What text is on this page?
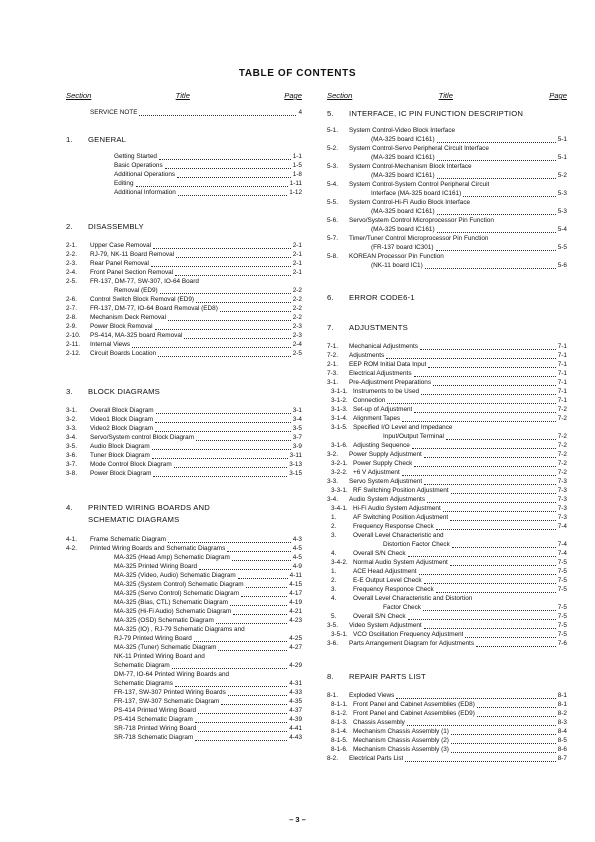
TABLE OF CONTENTS
Section	Title	Page
SERVICE NOTE	4
1.	GENERAL
Getting Started	1-1
Basic Operations	1-5
Additional Operations	1-8
Editing	1-11
Additional Information	1-12
2.	DISASSEMBLY
2-1.	Upper Case Removal	2-1
2-2.	RJ-79, NK-11 Board Removal	2-1
2-3.	Rear Panel Removal	2-1
2-4.	Front Panel Section Removal	2-1
2-5.	FR-137, DM-77, SW-307, IO-64 Board
Removal (ED9)	2-2
2-6.	Control Switch Block Removal (ED9)	2-2
2-7.	FR-137, DM-77, IO-64 Board Removal (ED8)	2-2
2-8.	Mechanism Deck Removal	2-2
2-9.	Power Block Removal	2-3
2-10.	PS-414, MA-325 board Removal	2-3
2-11.	Internal Views	2-4
2-12.	Circuit Boards Location	2-5
3.	BLOCK DIAGRAMS
3-1.	Overall Block Diagram	3-1
3-2.	Video1 Block Diagram	3-4
3-3.	Video2 Block Diagram	3-5
3-4.	Servo/System control Block Diagram	3-7
3-5.	Audio Block Diagram	3-9
3-6.	Tuner Block Diagram	3-11
3-7.	Mode Control Block Diagram	3-13
3-8.	Power Block Diagram	3-15
4.	PRINTED WIRING BOARDS AND
SCHEMATIC DIAGRAMS
4-1.	Frame Schematic Diagram	4-3
4-2.	Printed Wiring Boards and Schematic Diagrams	4-5
MA-325 (Head Amp) Schematic Diagram	4-5
MA-325 Printed Wiring Board	4-9
MA-325 (Video, Audio) Schematic Diagram	4-11
MA-325 (System Control) Schematic Diagram	4-15
MA-325 (Servo Control) Schematic Diagram	4-17
MA-325 (Bias, CTL) Schematic Diagram	4-19
MA-325 (Hi-Fi Audio) Schematic Diagram	4-21
MA-325 (OSD) Schematic Diagram	4-23
MA-325 (IO) , RJ-79 Schematic Diagrams and
RJ-79 Printed Wiring Board	4-25
MA-325 (Tuner) Schematic Diagram	4-27
NK-11 Printed Wiring Board and
Schematic Diagram	4-29
DM-77, IO-64 Printed Wiring Boards and
Schematic Diagrams	4-31
FR-137, SW-307 Printed Wiring Boards	4-33
FR-137, SW-307 Schematic Diagram	4-35
PS-414 Printed Wiring Board	4-37
PS-414 Schematic Diagram	4-39
SR-718 Printed Wiring Board	4-41
SR-718 Schematic Diagram	4-43
Section	Title	Page
5.	INTERFACE, IC PIN FUNCTION DESCRIPTION
5-1.	System Control-Video Block Interface
(MA-325 board IC161)	5-1
5-2.	System Control-Servo Peripheral Circuit Interface
(MA-325 board IC161)	5-1
5-3.	System Control-Mechanism Block Interface
(MA-325 board IC161)	5-2
5-4.	System Control-System Control Peripheral Circuit
Interface (MA-325 board IC161)	5-3
5-5.	System Control-Hi-Fi Audio Block Interface
(MA-325 board IC161)	5-3
5-6.	Servo/System Control Microprocessor Pin Function
(MA-325 board IC161)	5-4
5-7.	Timer/Tuner Control Microprocessor Pin Function
(FR-137 board IC301)	5-5
5-8.	KOREAN Processor Pin Function
(NK-11 board IC1)	5-6
6.	ERROR CODE 6-1
7.	ADJUSTMENTS
7-1.	Mechanical Adjustments	7-1
7-2.	Adjustments	7-1
2-1.	EEP ROM Initial Data Input	7-1
7-3.	Electrical Adjustments	7-1
3-1.	Pre-Adjustment Preparations	7-1
3-1-1. Instruments to be Used	7-1
3-1-2. Connection	7-1
3-1-3. Set-up of Adjustment	7-2
3-1-4. Alignment Tapes	7-2
3-1-5. Specified I/O Level and Impedance
Input/Output Terminal	7-2
3-1-6. Adjusting Sequence	7-2
3-2.	Power Supply Adjustment	7-2
3-2-1. Power Supply Check	7-2
3-2-2. +6 V Adjustment	7-2
3-3.	Servo System Adjustment	7-3
3-3-1. RF Switching Position Adjustment	7-3
3-4.	Audio System Adjustments	7-3
3-4-1. Hi-Fi Audio System Adjustment	7-3
1.	AF Switching Position Adjustment	7-3
2.	Frequency Response Check	7-4
3.	Overall Level Characteristic and
Distortion Factor Check	7-4
4.	Overall S/N Check	7-4
3-4-2. Normal Audio System Adjustment	7-5
1.	ACE Head Adjustment	7-5
2.	E-E Output Level Check	7-5
3.	Frequency Responce Check	7-5
4.	Overall Level Characteristic and Distortion
Factor Check	7-5
5.	Overall S/N Check	7-5
3-5.	Video System Adjustment	7-5
3-5-1. VCO Oscillation Frequency Adjustment	7-5
3-6.	Parts Arrangement Diagram for Adjustments	7-6
8.	REPAIR PARTS LIST
8-1.	Exploded Views	8-1
8-1-1. Front Panel and Cabinet Assemblies (ED8)	8-1
8-1-2. Front Panel and Cabinet Assemblies (ED9)	8-2
8-1-3. Chassis Assembly	8-3
8-1-4. Mechanism Chassis Assembly (1)	8-4
8-1-5. Mechanism Chassis Assembly (2)	8-5
8-1-6. Mechanism Chassis Assembly (3)	8-6
8-2.	Electrical Parts List	8-7
– 3 –
